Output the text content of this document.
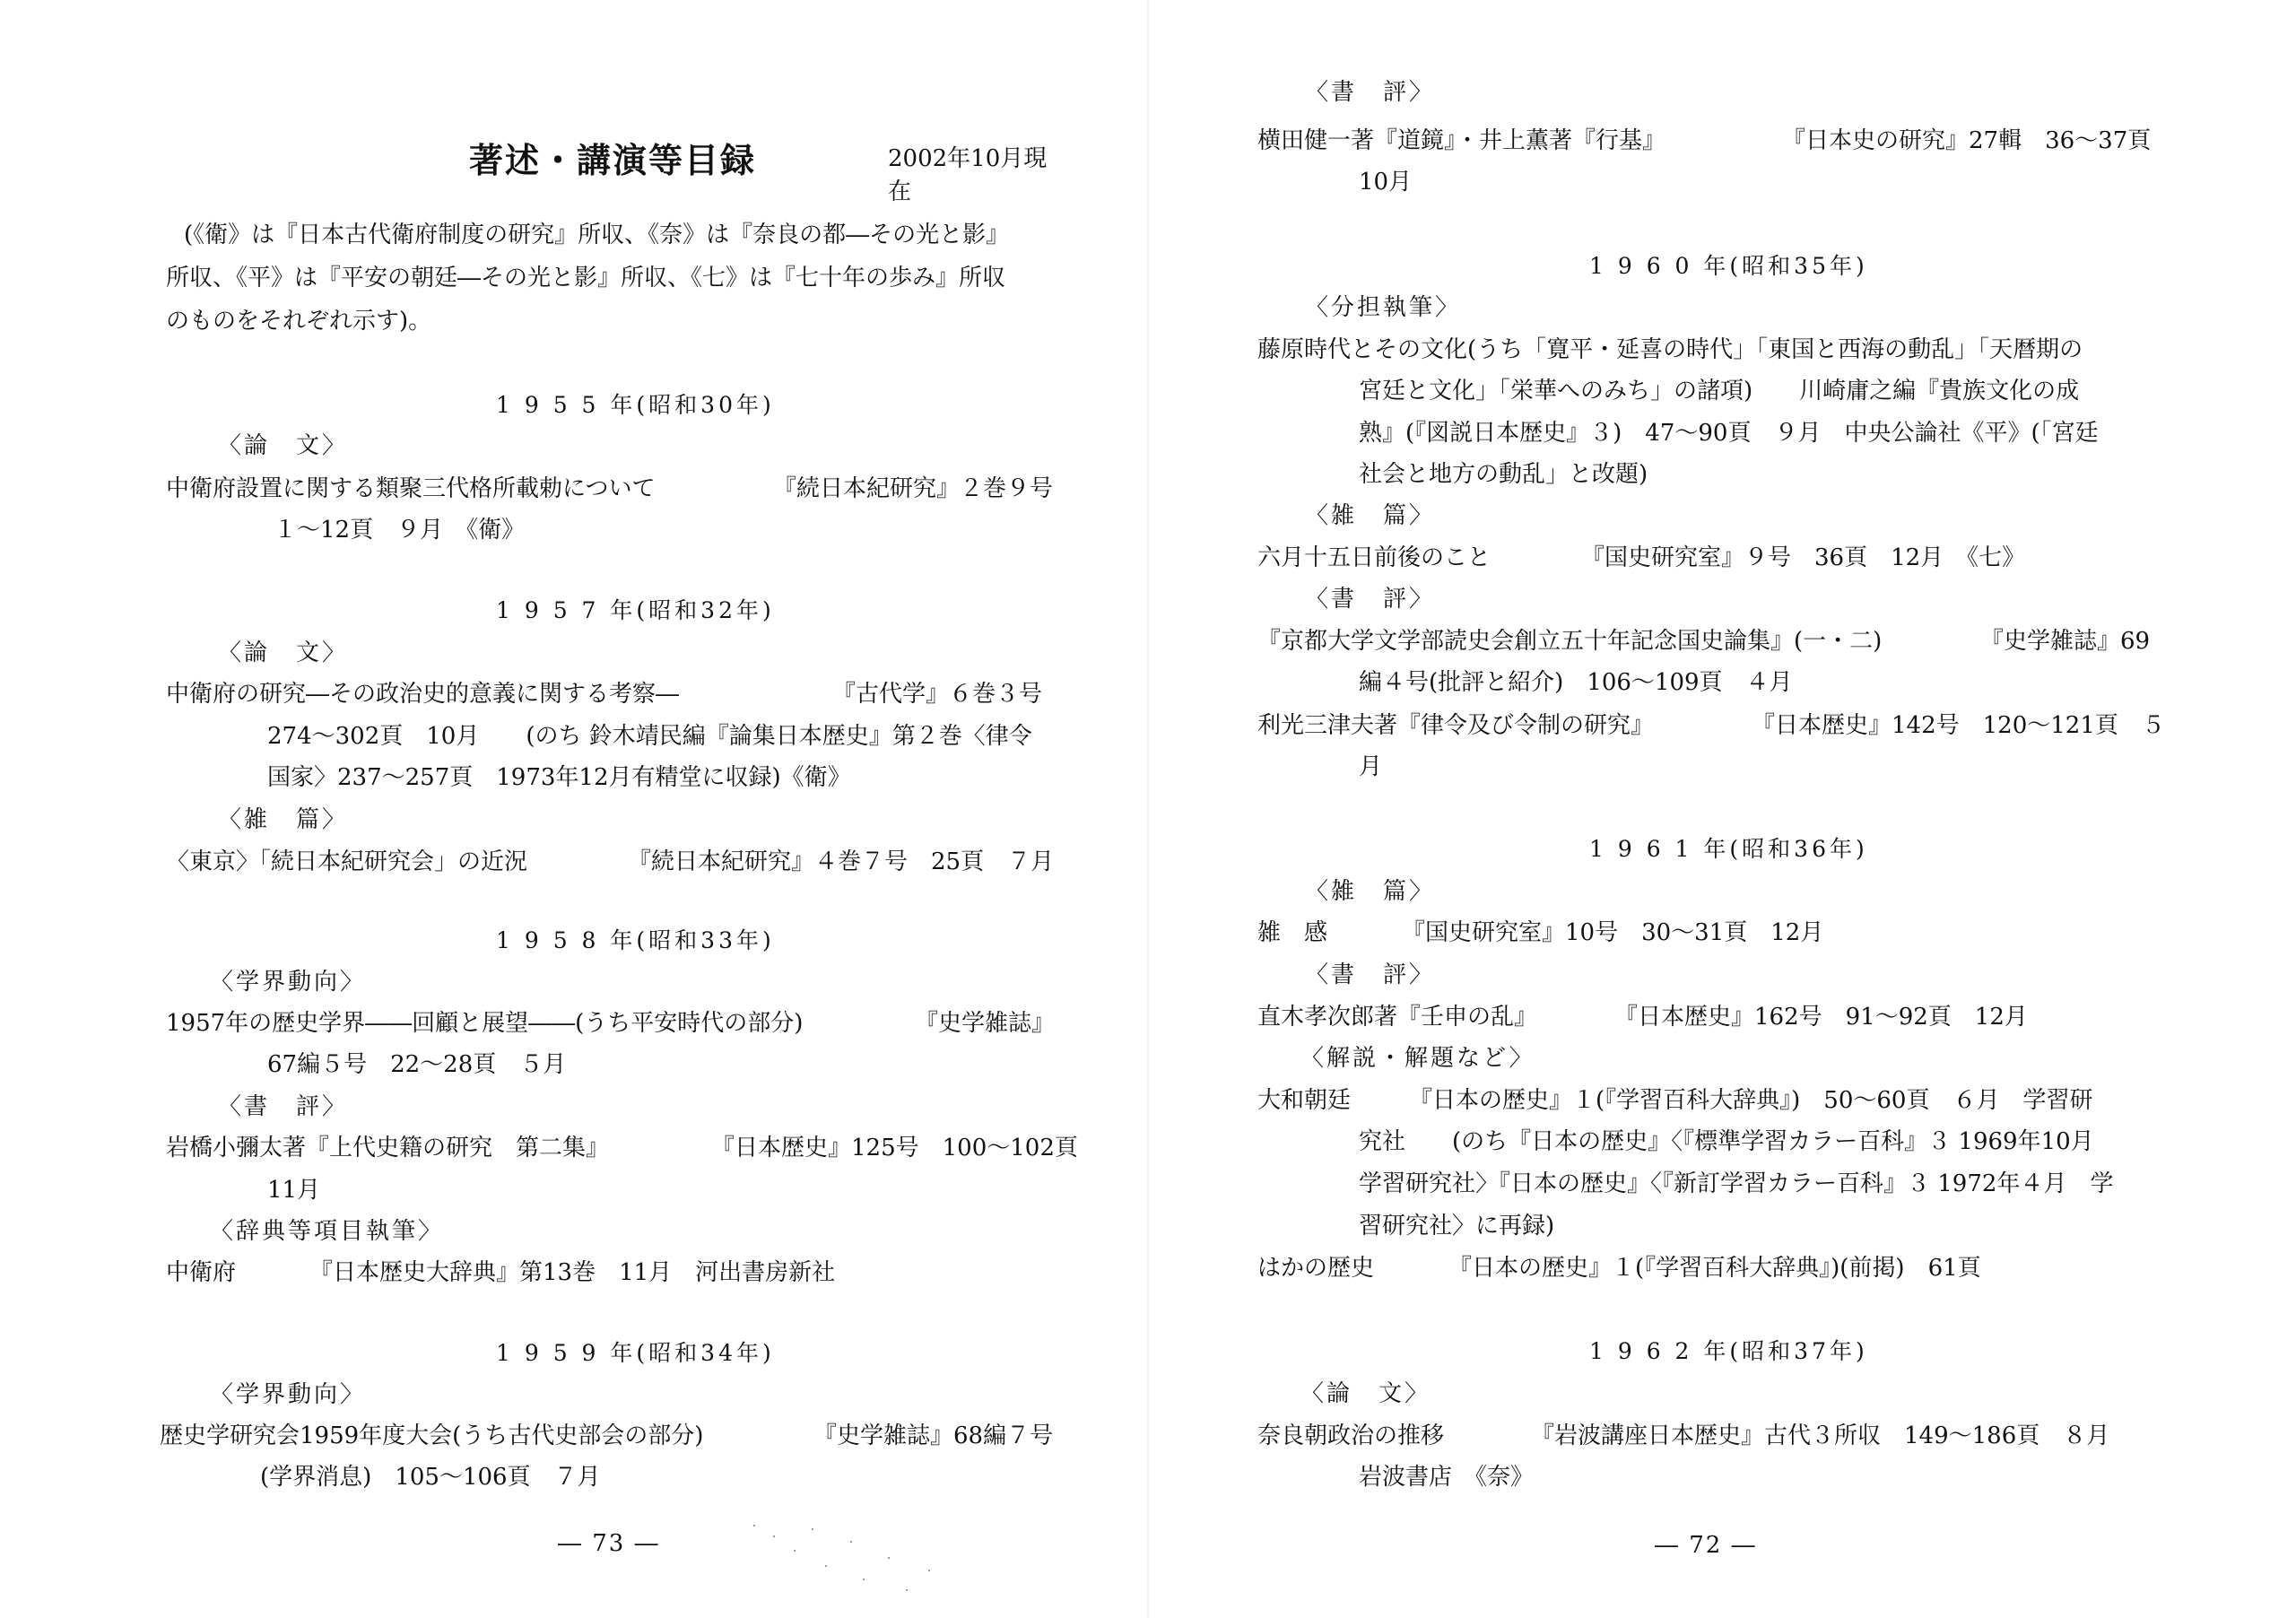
著述・講演等目録	2002年10月現在

(《衛》は『日本古代衛府制度の研究』所収、《奈》は『奈良の都―その光と影』

所収、《平》は『平安の朝廷―その光と影』所収、《七》は『七十年の歩み』所収

のものをそれぞれ示す)。

1 9 5 5 年(昭和30年)
〈論　文〉
中衛府設置に関する類聚三代格所載勅について	『続日本紀研究』２巻９号
１～12頁　９月　《衛》
1 9 5 7 年(昭和32年)
〈論　文〉
中衛府の研究―その政治史的意義に関する考察―	『古代学』６巻３号
274～302頁　10月　　(のち 鈴木靖民編『論集日本歴史』第２巻〈律令
国家〉237～257頁　1973年12月有精堂に収録)《衛》
〈雑　篇〉
〈東京〉「続日本紀研究会」の近況	『続日本紀研究』４巻７号　25頁　７月
1 9 5 8 年(昭和33年)
〈学界動向〉
1957年の歴史学界――回顧と展望――(うち平安時代の部分)	『史学雑誌』
67編５号　22～28頁　５月
〈書　評〉
岩橋小彌太著『上代史籍の研究　第二集』	『日本歴史』125号　100～102頁
11月
〈辞典等項目執筆〉
中衛府	『日本歴史大辞典』第13巻　11月　河出書房新社
1 9 5 9 年(昭和34年)
〈学界動向〉
歴史学研究会1959年度大会(うち古代史部会の部分)	『史学雑誌』68編７号
(学界消息)　105～106頁　７月
― 73 ―
〈書　評〉
横田健一著『道鏡』・井上薫著『行基』	『日本史の研究』27輯　36～37頁
10月
1 9 6 0 年(昭和35年)
〈分担執筆〉
藤原時代とその文化(うち「寛平・延喜の時代」「東国と西海の動乱」「天暦期の
宮廷と文化」「栄華へのみち」の諸項)　　川崎庸之編『貴族文化の成
熟』(『図説日本歴史』３)　47～90頁　９月　中央公論社《平》(「宮廷
社会と地方の動乱」と改題)
〈雑　篇〉
六月十五日前後のこと	『国史研究室』９号　36頁　12月　《七》
〈書　評〉
『京都大学文学部読史会創立五十年記念国史論集』(一・二)	『史学雑誌』69
編４号(批評と紹介)　106～109頁　４月
利光三津夫著『律令及び令制の研究』	『日本歴史』142号　120～121頁　５
月
1 9 6 1 年(昭和36年)
〈雑　篇〉
雑　感	『国史研究室』10号　30～31頁　12月
〈書　評〉
直木孝次郎著『壬申の乱』	『日本歴史』162号　91～92頁　12月
〈解説・解題など〉
大和朝廷　　　『日本の歴史』１(『学習百科大辞典』)　50～60頁　６月　学習研
究社　　(のち『日本の歴史』〈『標準学習カラー百科』３ 1969年10月
学習研究社〉『日本の歴史』〈『新訂学習カラー百科』３ 1972年４月　学
習研究社〉に再録)
はかの歴史	『日本の歴史』１(『学習百科大辞典』)(前掲)　61頁
1 9 6 2 年(昭和37年)
〈論　文〉
奈良朝政治の推移	『岩波講座日本歴史』古代３所収　149～186頁　８月
岩波書店　《奈》
― 72 ―
